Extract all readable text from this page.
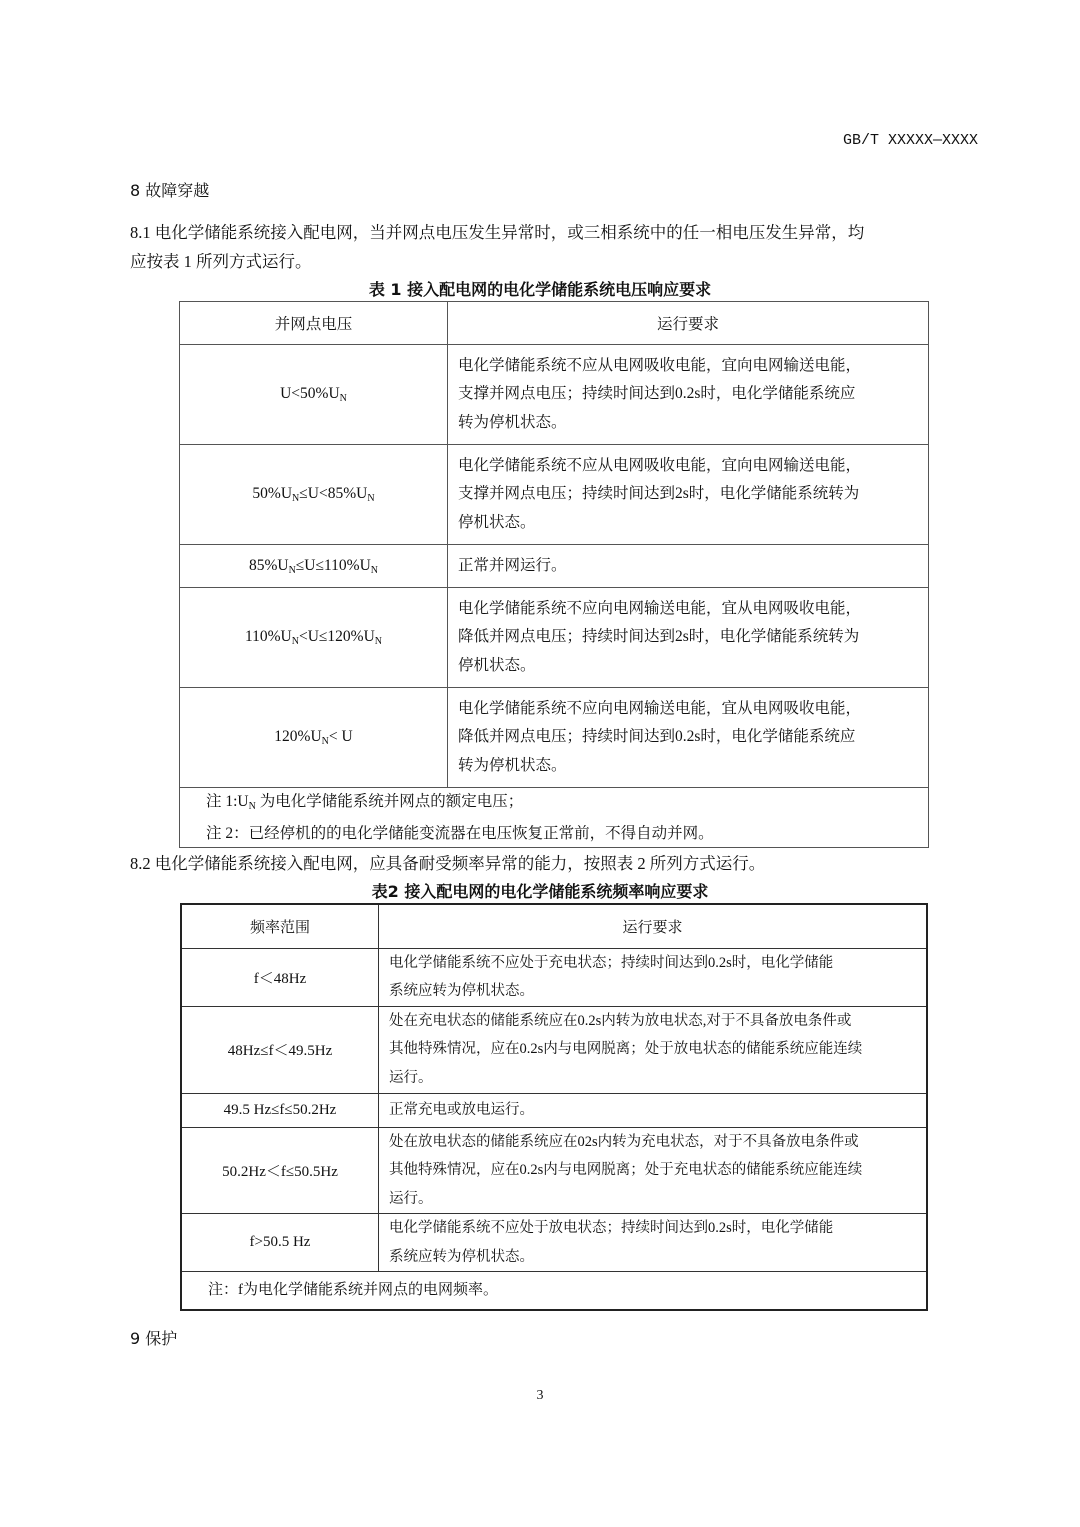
GB/T XXXXX—XXXX
8 故障穿越
8.1 电化学储能系统接入配电网，当并网点电压发生异常时，或三相系统中的任一相电压发生异常，均
应按表 1 所列方式运行。
表 1 接入配电网的电化学储能系统电压响应要求
并网点电压	运行要求
$U<50\%U_N$	电化学储能系统不应从电网吸收电能，宜向电网输送电能，
支撑并网点电压；持续时间达到0.2s时，电化学储能系统应
转为停机状态。

$50\%U_N\le U<85\%U_N$	电化学储能系统不应从电网吸收电能，宜向电网输送电能，
支撑并网点电压；持续时间达到2s时，电化学储能系统转为
停机状态。

$85\%U_N\le U\le 110\%U_N$	正常并网运行。

$110\%U_N<U\le 120\%U_N$	电化学储能系统不应向电网输送电能，宜从电网吸收电能，
降低并网点电压；持续时间达到2s时，电化学储能系统转为
停机状态。

$120\%U_N< U$	电化学储能系统不应向电网输送电能，宜从电网吸收电能，
降低并网点电压；持续时间达到0.2s时，电化学储能系统应
转为停机状态。

注 $1:U_N$ 为电化学储能系统并网点的额定电压；
注 2：已经停机的的电化学储能变流器在电压恢复正常前，不得自动并网。	
8.2 电化学储能系统接入配电网，应具备耐受频率异常的能力，按照表 2 所列方式运行。
表2 接入配电网的电化学储能系统频率响应要求
频率范围	运行要求
f＜48Hz	电化学储能系统不应处于充电状态；持续时间达到0.2s时，电化学储能
系统应转为停机状态。

48Hz≤f＜49.5Hz	处在充电状态的储能系统应在0.2s内转为放电状态,对于不具备放电条件或
其他特殊情况，应在0.2s内与电网脱离；处于放电状态的储能系统应能连续
运行。

49.5 Hz≤f≤50.2Hz	正常充电或放电运行。

50.2Hz＜f≤50.5Hz	处在放电状态的储能系统应在02s内转为充电状态，对于不具备放电条件或
其他特殊情况，应在0.2s内与电网脱离；处于充电状态的储能系统应能连续
运行。

f>50.5 Hz	电化学储能系统不应处于放电状态；持续时间达到0.2s时，电化学储能
系统应转为停机状态。

注：f为电化学储能系统并网点的电网频率。	
9 保护
3
